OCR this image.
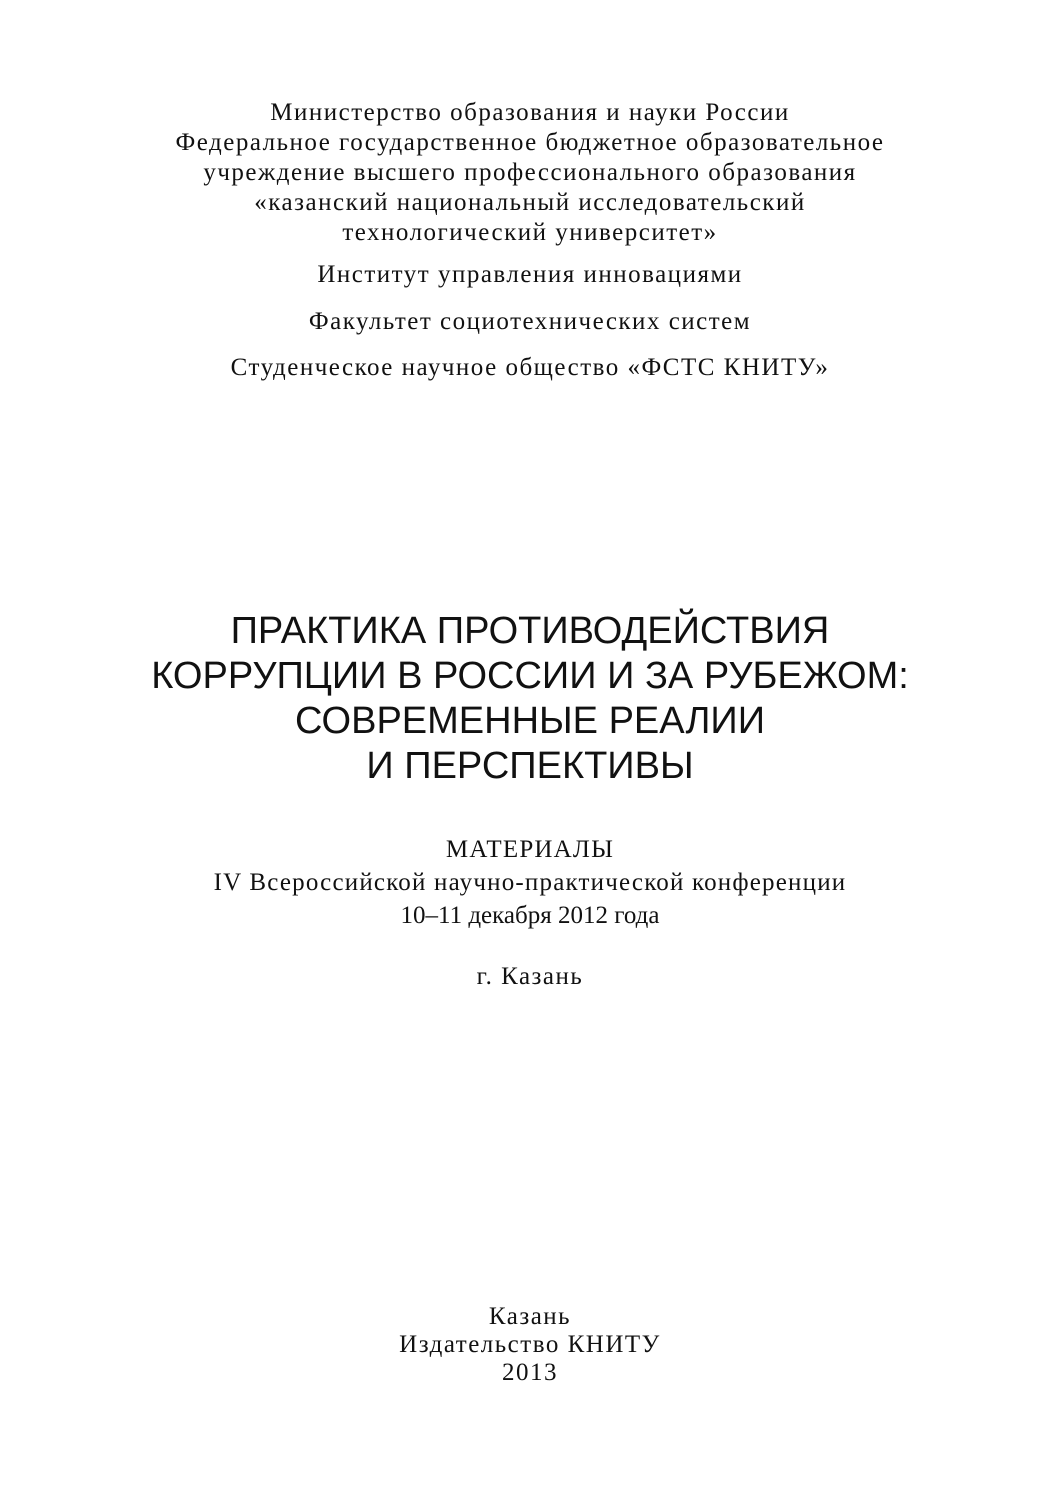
Министерство образования и науки России
Федеральное государственное бюджетное образовательное
учреждение высшего профессионального образования
«казанский национальный исследовательский
технологический университет»
Институт управления инновациями
Факультет социотехнических систем
Студенческое научное общество «ФСТС КНИТУ»
ПРАКТИКА ПРОТИВОДЕЙСТВИЯ
КОРРУПЦИИ В РОССИИ И ЗА РУБЕЖОМ:
СОВРЕМЕННЫЕ РЕАЛИИ
И ПЕРСПЕКТИВЫ
МАТЕРИАЛЫ
IV Всероссийской научно-практической конференции
10–11 декабря 2012 года
г. Казань
Казань
Издательство КНИТУ
2013
